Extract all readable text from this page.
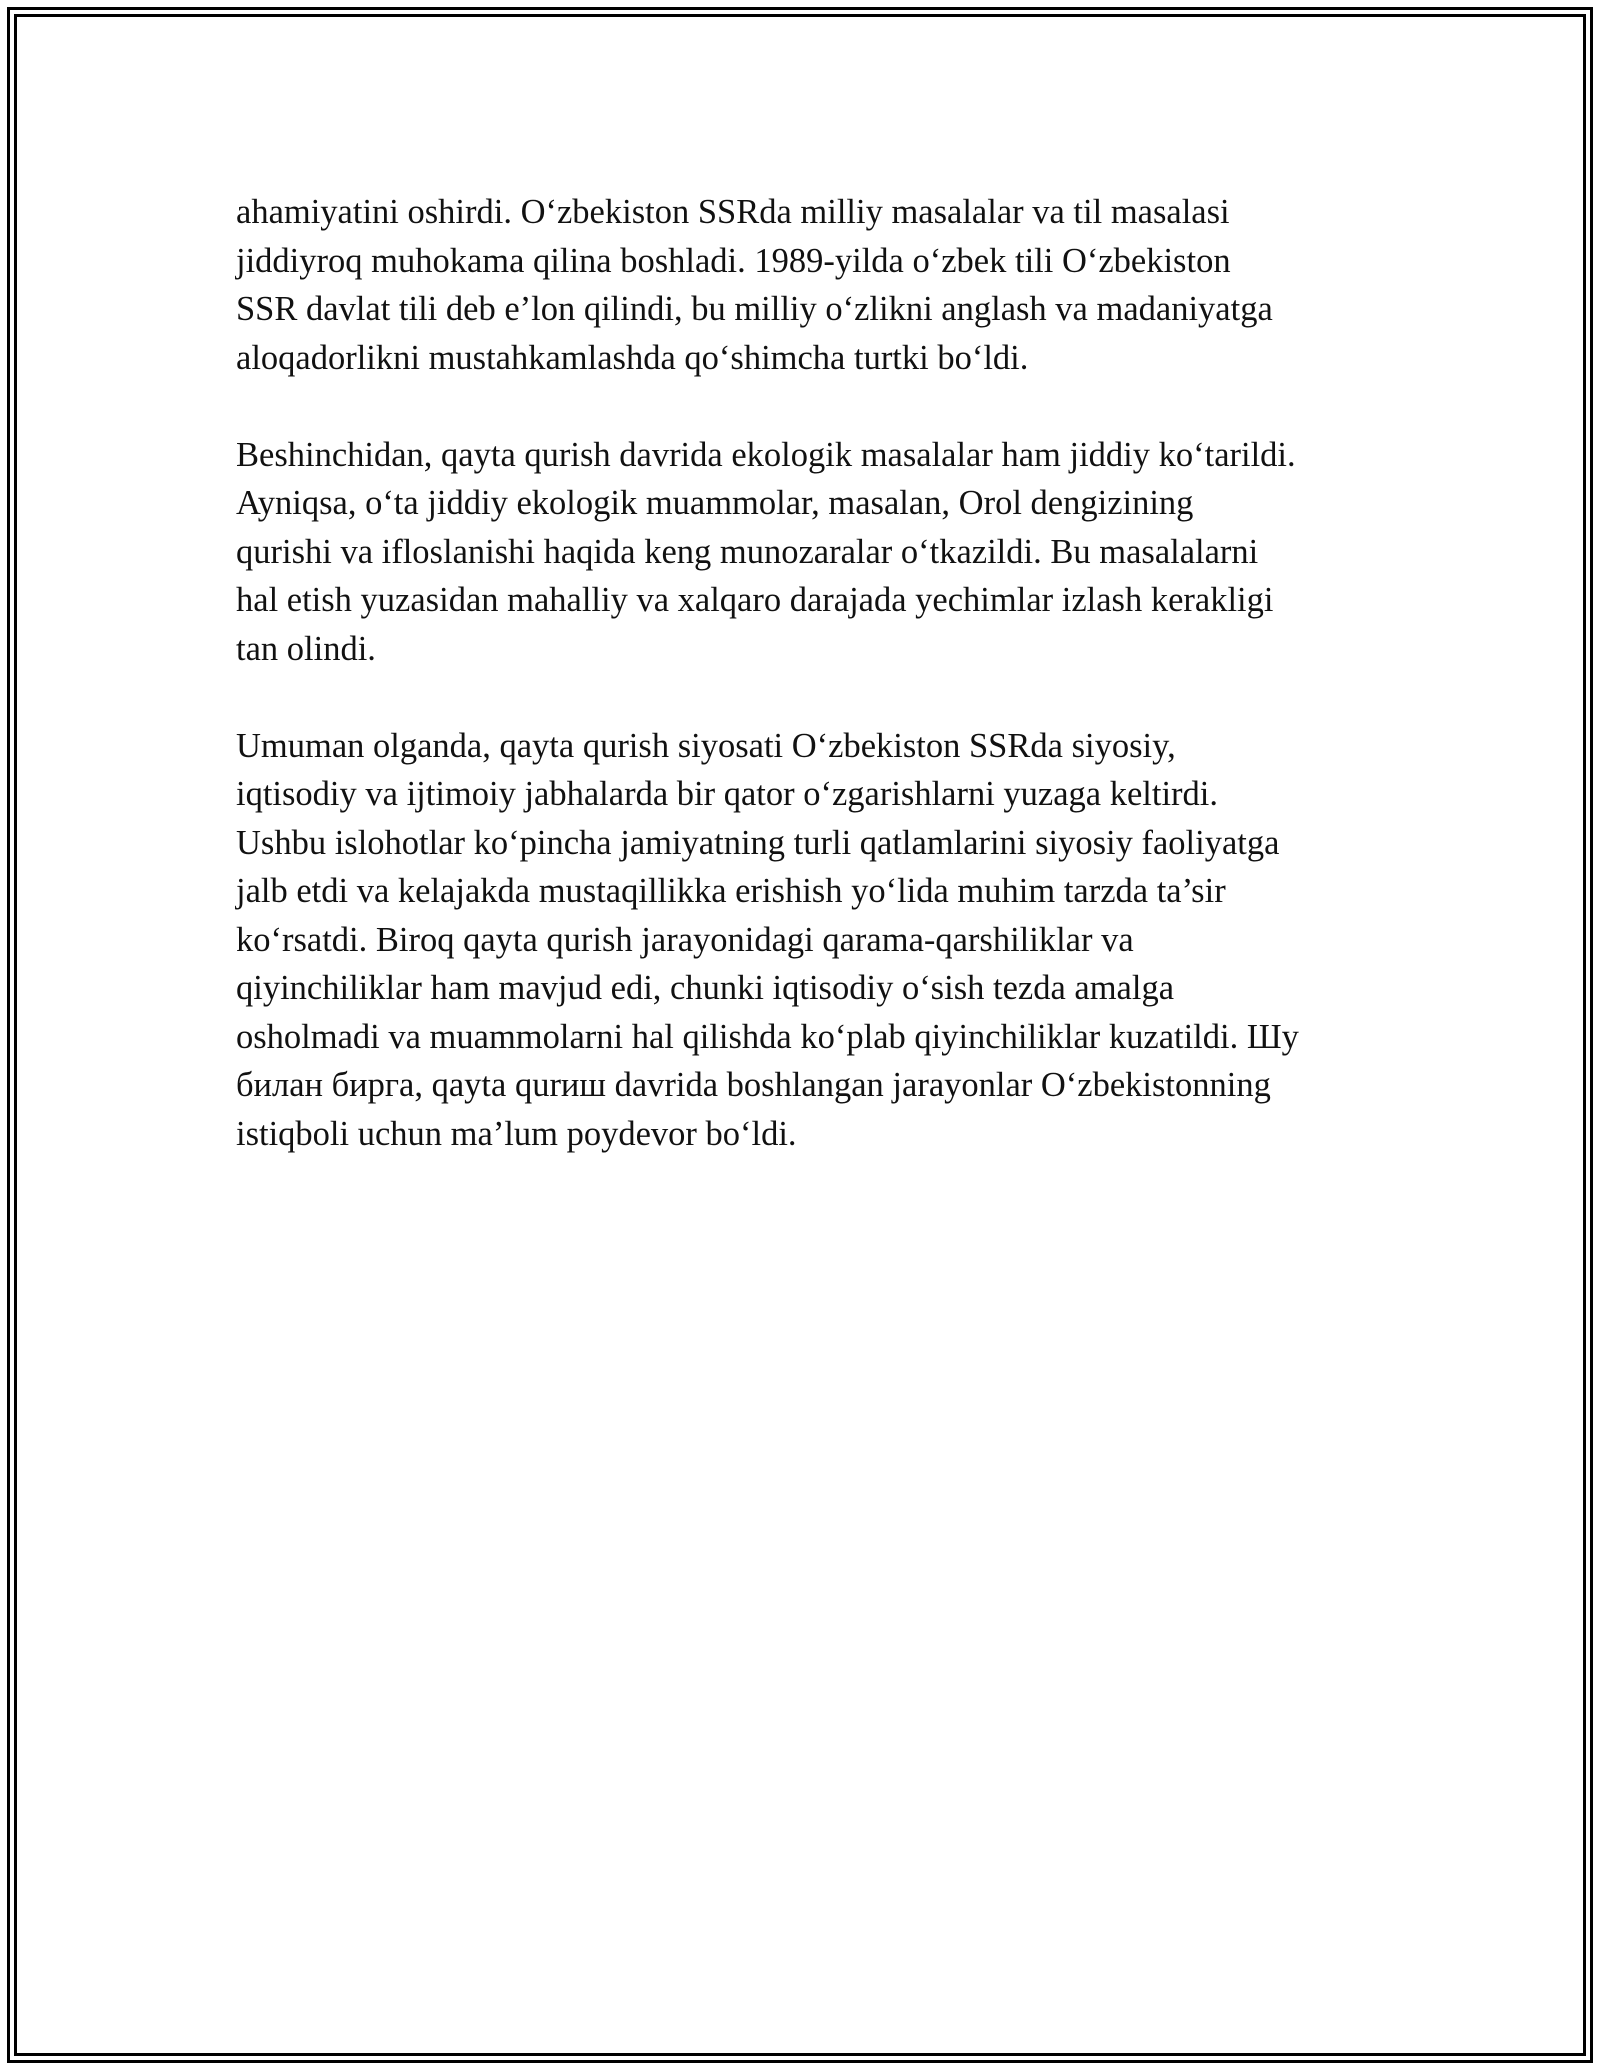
ahamiyatini oshirdi. O‘zbekiston SSRda milliy masalalar va til masalasi
jiddiyroq muhokama qilina boshladi. 1989-yilda o‘zbek tili O‘zbekiston
SSR davlat tili deb e’lon qilindi, bu milliy o‘zlikni anglash va madaniyatga
aloqadorlikni mustahkamlashda qo‘shimcha turtki bo‘ldi.

Beshinchidan, qayta qurish davrida ekologik masalalar ham jiddiy ko‘tarildi.
Ayniqsa, o‘ta jiddiy ekologik muammolar, masalan, Orol dengizining
qurishi va ifloslanishi haqida keng munozaralar o‘tkazildi. Bu masalalarni
hal etish yuzasidan mahalliy va xalqaro darajada yechimlar izlash kerakligi
tan olindi.

Umuman olganda, qayta qurish siyosati O‘zbekiston SSRda siyosiy,
iqtisodiy va ijtimoiy jabhalarda bir qator o‘zgarishlarni yuzaga keltirdi.
Ushbu islohotlar ko‘pincha jamiyatning turli qatlamlarini siyosiy faoliyatga
jalb etdi va kelajakda mustaqillikka erishish yo‘lida muhim tarzda ta’sir
ko‘rsatdi. Biroq qayta qurish jarayonidagi qarama-qarshiliklar va
qiyinchiliklar ham mavjud edi, chunki iqtisodiy o‘sish tezda amalga
osholmadi va muammolarni hal qilishda ko‘plab qiyinchiliklar kuzatildi. Шу
билан бирга, qayta qurиш davrida boshlangan jarayonlar O‘zbekistonning
istiqboli uchun ma’lum poydevor bo‘ldi.
